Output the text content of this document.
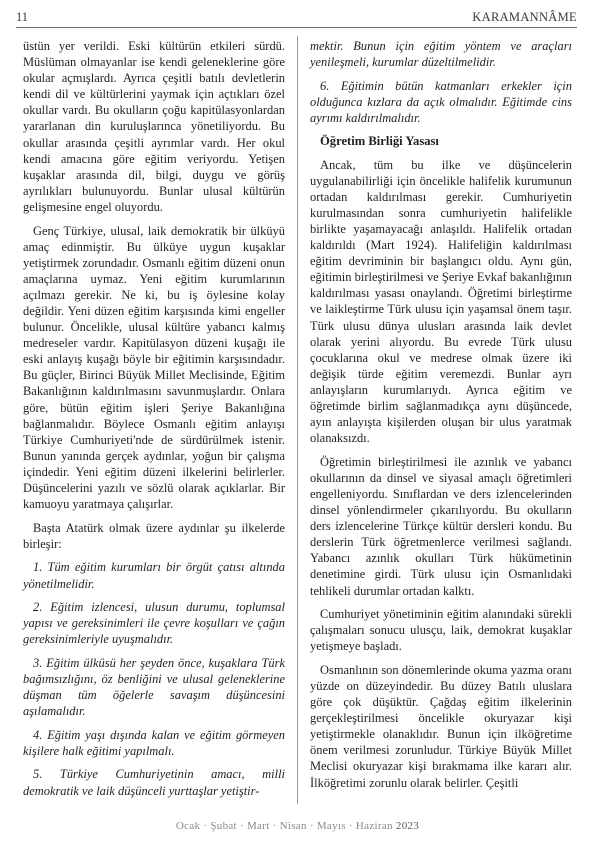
11	KARAMANNÂME

üstün yer verildi. Eski kültürün etkileri sürdü. Müslüman olmayanlar ise kendi geleneklerine göre okular açmışlardı. Ayrıca çeşitli batılı devletlerin kendi dil ve kültürlerini yaymak için açtıkları özel okullar vardı. Bu okulların çoğu kapitülasyonlardan yararlanan din kuruluşlarınca yönetiliyordu. Bu okullar arasında çeşitli ayrımlar vardı. Her okul kendi amacına göre eğitim veriyordu. Yetişen kuşaklar arasında dil, bilgi, duygu ve görüş ayrılıkları bulunuyordu. Bunlar ulusal kültürün gelişmesine engel oluyordu.

Genç Türkiye, ulusal, laik demokratik bir ülküyü amaç edinmiştir. Bu ülküye uygun kuşaklar yetiştirmek zorundadır. Osmanlı eğitim düzeni onun amaçlarına uymaz. Yeni eğitim kurumlarının açılmazı gerekir. Ne ki, bu iş öylesine kolay değildir. Yeni düzen eğitim karşısında kimi engeller bulunur. Öncelikle, ulusal kültüre yabancı kalmış medreseler vardır. Kapitülasyon düzeni kuşağı ile eski anlayış kuşağı böyle bir eğitimin karşısındadır. Bu güçler, Birinci Büyük Millet Meclisinde, Eğitim Bakanlığının kaldırılmasını savunmuşlardır. Onlara göre, bütün eğitim işleri Şeriye Bakanlığına bağlanmalıdır. Böylece Osmanlı eğitim anlayışı Türkiye Cumhuriyeti'nde de sürdürülmek istenir. Bunun yanında gerçek aydınlar, yoğun bir çalışma içindedir. Yeni eğitim düzeni ilkelerini belirlerler. Düşüncelerini yazılı ve sözlü olarak açıklarlar. Bir kamuoyu yaratmaya çalışırlar.

Başta Atatürk olmak üzere aydınlar şu ilkelerde birleşir:

1. Tüm eğitim kurumları bir örgüt çatısı altında yönetilmelidir.

2. Eğitim izlencesi, ulusun durumu, toplumsal yapısı ve gereksinimleri ile çevre koşulları ve çağın gereksinimleriyle uyuşmalıdır.

3. Eğitim ülküsü her şeyden önce, kuşaklara Türk bağımsızlığını, öz benliğini ve ulusal geleneklerine düşman tüm öğelerle savaşım düşüncesini aşılamalıdır.

4. Eğitim yaşı dışında kalan ve eğitim görmeyen kişilere halk eğitimi yapılmalı.

5. Türkiye Cumhuriyetinin amacı, milli demokratik ve laik düşünceli yurttaşlar yetiştir-

mektir. Bunun için eğitim yöntem ve araçları yenileşmeli, kurumlar düzeltilmelidir.

6. Eğitimin bütün katmanları erkekler için olduğunca kızlara da açık olmalıdır. Eğitimde cins ayrımı kaldırılmalıdır.

Öğretim Birliği Yasası

Ancak, tüm bu ilke ve düşüncelerin uygulanabilirliği için öncelikle halifelik kurumunun ortadan kaldırılması gerekir. Cumhuriyetin kurulmasından sonra cumhuriyetin halifelikle birlikte yaşamayacağı anlaşıldı. Halifelik ortadan kaldırıldı (Mart 1924). Halifeliğin kaldırılması eğitim devriminin bir başlangıcı oldu. Aynı gün, eğitimin birleştirilmesi ve Şeriye Evkaf bakanlığının kaldırılması yasası onaylandı. Öğretimi birleştirme ve laikleştirme Türk ulusu için yaşamsal önem taşır. Türk ulusu dünya ulusları arasında laik devlet olarak yerini alıyordu. Bu evrede Türk ulusu çocuklarına okul ve medrese olmak üzere iki değişik türde eğitim veremezdi. Bunlar ayrı anlayışların kurumlarıydı. Ayrıca eğitim ve öğretimde birlim sağlanmadıkça aynı düşüncede, ayın anlayışta kişilerden oluşan bir ulus yaratmak olanaksızdı.

Öğretimin birleştirilmesi ile azınlık ve yabancı okullarının da dinsel ve siyasal amaçlı öğretimleri engelleniyordu. Sınıflardan ve ders izlencelerinden dinsel yönlendirmeler çıkarılıyordu. Bu okulların ders izlencelerine Türkçe kültür dersleri kondu. Bu derslerin Türk öğretmenlerce verilmesi sağlandı. Yabancı azınlık okulları Türk hükümetinin denetimine girdi. Türk ulusu için Osmanlıdaki tehlikeli durumlar ortadan kalktı.

Cumhuriyet yönetiminin eğitim alanındaki sürekli çalışmaları sonucu ulusçu, laik, demokrat kuşaklar yetişmeye başladı.

Osmanlının son dönemlerinde okuma yazma oranı yüzde on düzeyindedir. Bu düzey Batılı uluslara göre çok düşüktür. Çağdaş eğitim ilkelerinin gerçekleştirilmesi öncelikle okuryazar kişi yetiştirmekle olanaklıdır. Bunun için ilköğretime önem verilmesi zorunludur. Türkiye Büyük Millet Meclisi okuryazar kişi bırakmama ilke kararı alır. İlköğretimi zorunlu olarak belirler. Çeşitli

Ocak · Şubat · Mart · Nisan · Mayıs · Haziran 2023
